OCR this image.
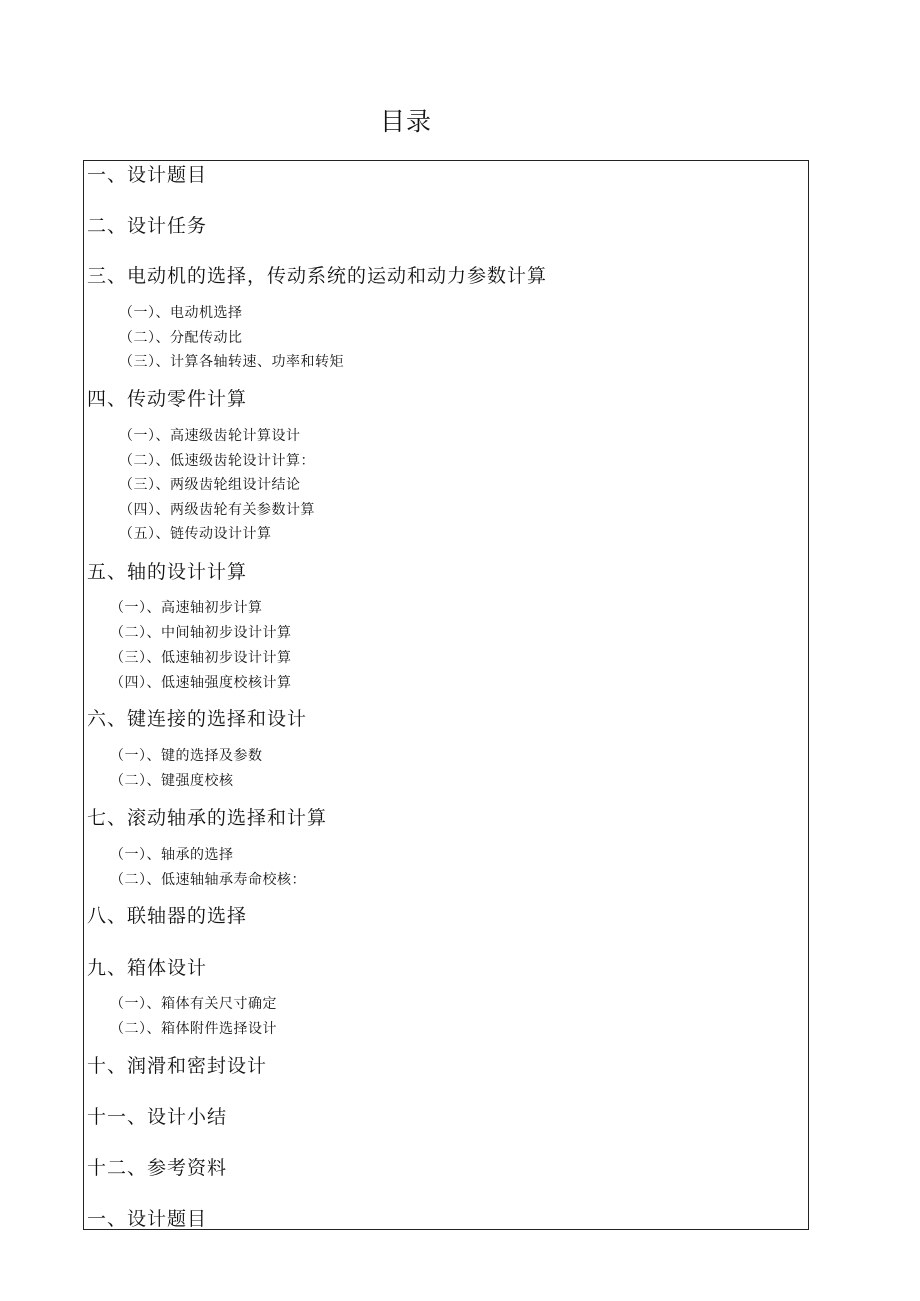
目录
一、设计题目
二、设计任务
三、电动机的选择，传动系统的运动和动力参数计算
（一）、电动机选择
（二）、分配传动比
（三）、计算各轴转速、功率和转矩
四、传动零件计算
（一）、高速级齿轮计算设计
（二）、低速级齿轮设计计算：
（三）、两级齿轮组设计结论
（四）、两级齿轮有关参数计算
（五）、链传动设计计算
五、轴的设计计算
（一）、高速轴初步计算
（二）、中间轴初步设计计算
（三）、低速轴初步设计计算
（四）、低速轴强度校核计算
六、键连接的选择和设计
（一）、键的选择及参数
（二）、键强度校核
七、滚动轴承的选择和计算
（一）、轴承的选择
（二）、低速轴轴承寿命校核：
八、联轴器的选择
九、箱体设计
（一）、箱体有关尺寸确定
（二）、箱体附件选择设计
十、润滑和密封设计
十一、设计小结
十二、参考资料
一、设计题目
